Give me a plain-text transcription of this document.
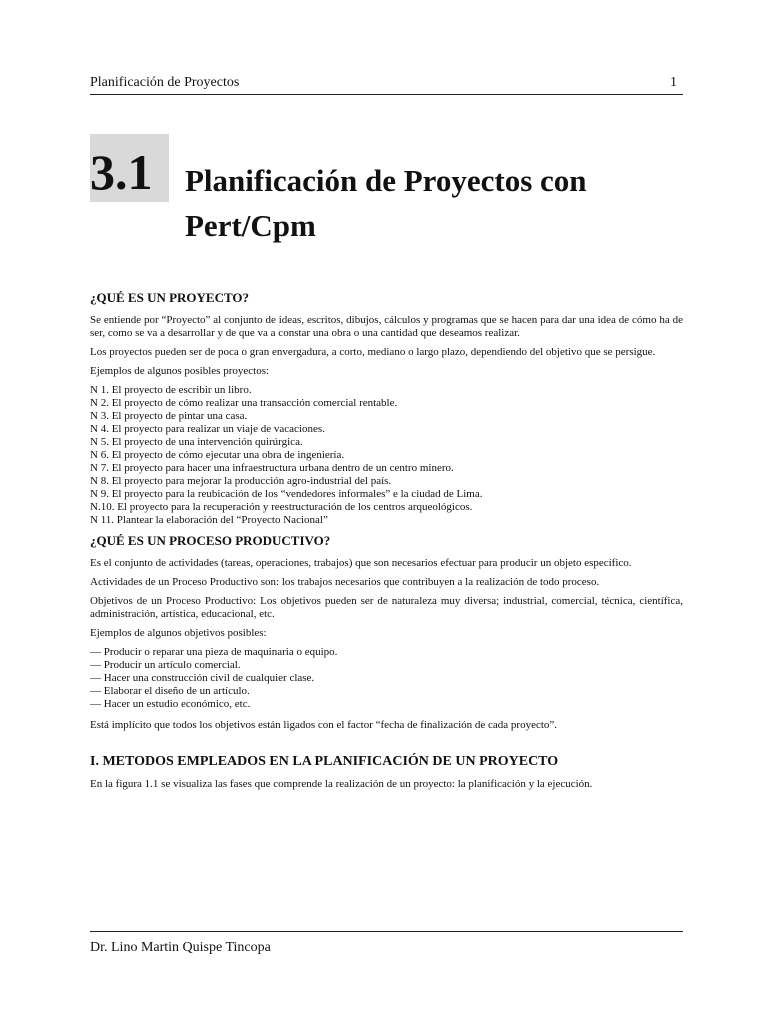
Planificación de Proyectos	1
3.1 Planificación de Proyectos con
Pert/Cpm
¿QUÉ ES UN PROYECTO?

Se entiende por “Proyecto” al conjunto de ideas, escritos, dibujos, cálculos y programas que se hacen para dar una idea de cómo ha de ser, como se va a desarrollar y de que va a constar una obra o una cantidad que deseamos realizar.

Los proyectos pueden ser de poca o gran envergadura, a corto, mediano o largo plazo, dependiendo del objetivo que se persigue.

Ejemplos de algunos posibles proyectos:

N 1. El proyecto de escribir un libro.
N 2. El proyecto de cómo realizar una transacción comercial rentable.
N 3. El proyecto de pintar una casa.
N 4. El proyecto para realizar un viaje de vacaciones.
N 5. El proyecto de una intervención quirúrgica.
N 6. El proyecto de cómo ejecutar una obra de ingeniería.
N 7. El proyecto para hacer una infraestructura urbana dentro de un centro minero.
N 8. El proyecto para mejorar la producción agro-industrial del país.
N 9. El proyecto para la reubicación de los “vendedores informales” e la ciudad de Lima.
N.10. El proyecto para la recuperación y reestructuración de los centros arqueológicos.
N 11. Plantear la elaboración del “Proyecto Nacional”
¿QUÉ ES UN PROCESO PRODUCTIVO?

Es el conjunto de actividades (tareas, operaciones, trabajos) que son necesarios efectuar para producir un objeto específico.

Actividades de un Proceso Productivo son: los trabajos necesarios que contribuyen a la realización de todo proceso.

Objetivos de un Proceso Productivo: Los objetivos pueden ser de naturaleza muy diversa; industrial, comercial, técnica, científica, administración, artística, educacional, etc.

Ejemplos de algunos objetivos posibles:

— Producir o reparar una pieza de maquinaria o equipo.
— Producir un artículo comercial.
— Hacer una construcción civil de cualquier clase.
— Elaborar el diseño de un artículo.
— Hacer un estudio económico, etc.

Está implícito que todos los objetivos están ligados con el factor “fecha de finalización de cada proyecto”.

I. METODOS EMPLEADOS EN LA PLANIFICACIÓN DE UN PROYECTO

En la figura 1.1 se visualiza las fases que comprende la realización de un proyecto: la planificación y la ejecución.

Dr. Lino Martin Quispe Tincopa
